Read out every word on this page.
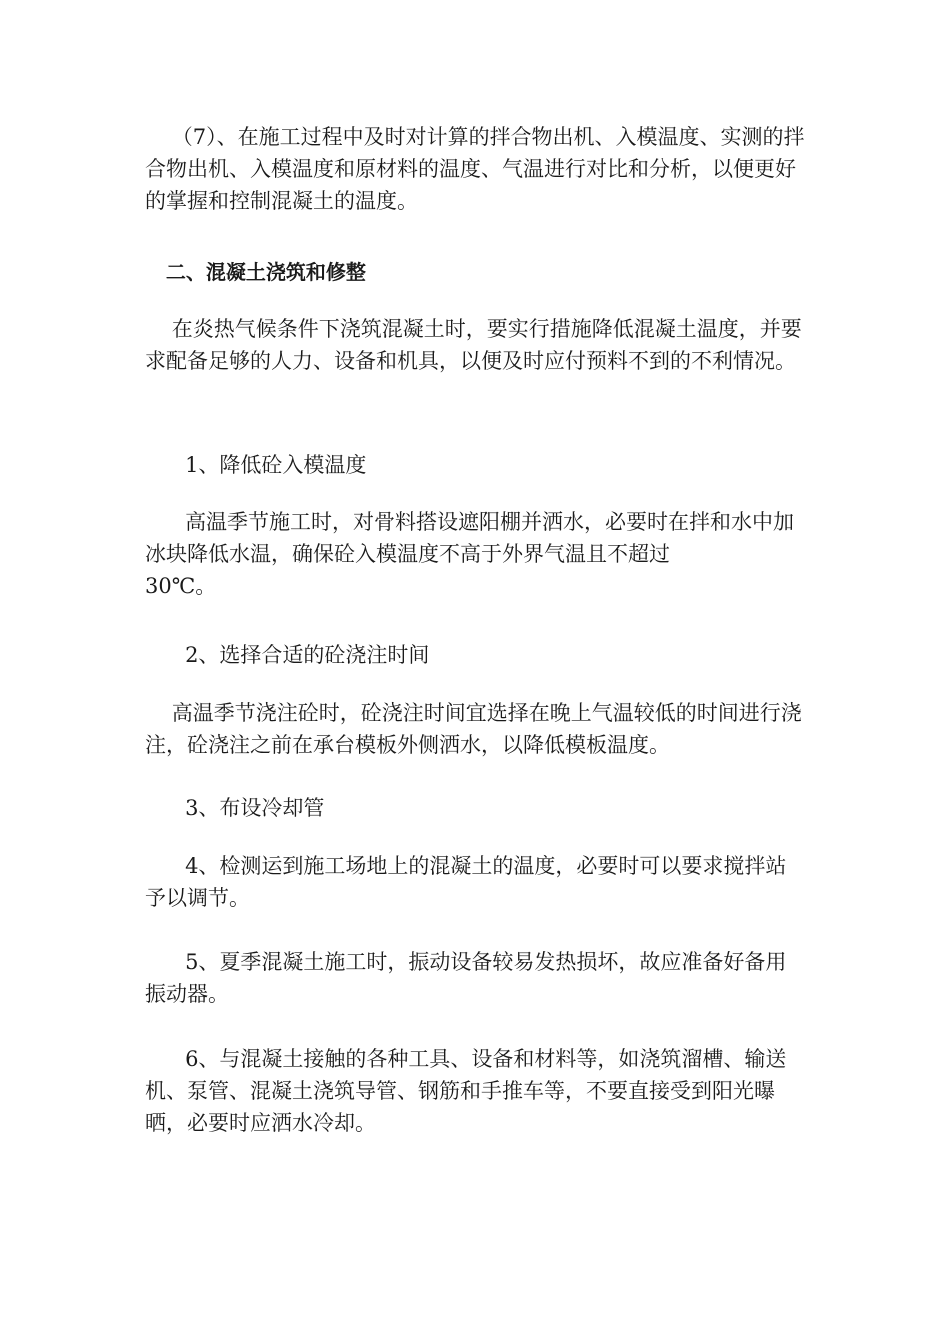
（7）、在施工过程中及时对计算的拌合物出机、入模温度、实测的拌合物出机、入模温度和原材料的温度、气温进行对比和分析，以便更好的掌握和控制混凝土的温度。

二、混凝土浇筑和修整

在炎热气候条件下浇筑混凝土时，要实行措施降低混凝土温度，并要求配备足够的人力、设备和机具，以便及时应付预料不到的不利情况。

1、降低砼入模温度

高温季节施工时，对骨料搭设遮阳棚并洒水，必要时在拌和水中加冰块降低水温，确保砼入模温度不高于外界气温且不超过
30℃。

2、选择合适的砼浇注时间

高温季节浇注砼时，砼浇注时间宜选择在晚上气温较低的时间进行浇注，砼浇注之前在承台模板外侧洒水，以降低模板温度。

3、布设冷却管

4、检测运到施工场地上的混凝土的温度，必要时可以要求搅拌站予以调节。

5、夏季混凝土施工时，振动设备较易发热损坏，故应准备好备用振动器。

6、与混凝土接触的各种工具、设备和材料等，如浇筑溜槽、输送机、泵管、混凝土浇筑导管、钢筋和手推车等，不要直接受到阳光曝晒，必要时应洒水冷却。
